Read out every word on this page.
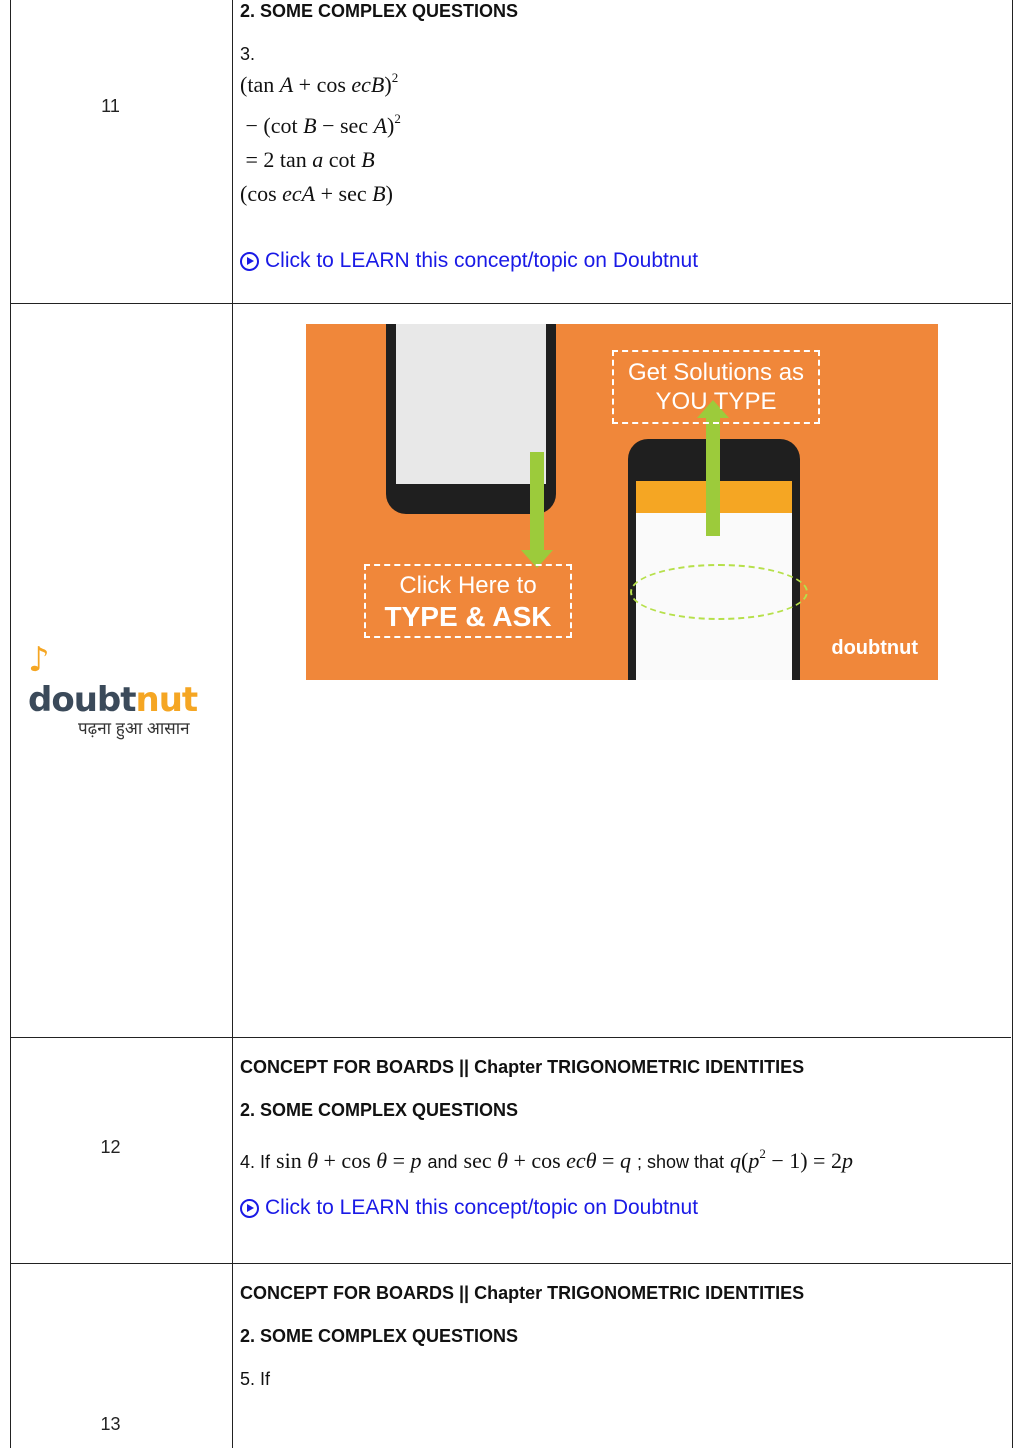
11
2. SOME COMPLEX QUESTIONS
3.
(tan A + cos ecB)$^2$
− (cot B − sec A)$^2$
= 2 tan a cot B
(cos ecA + sec B)
Click to LEARN this concept/topic on Doubtnut
♪ doubtnut
पढ़ना हुआ आसान
Get Solutions as YOU TYPE
Click Here to
TYPE & ASK
doubtnut
12
CONCEPT FOR BOARDS || Chapter TRIGONOMETRIC IDENTITIES
2. SOME COMPLEX QUESTIONS
4. If sin θ + cos θ = p and sec θ + cos ecθ = q ; show that $q(p^2 - 1) = 2p$
Click to LEARN this concept/topic on Doubtnut
13
CONCEPT FOR BOARDS || Chapter TRIGONOMETRIC IDENTITIES
2. SOME COMPLEX QUESTIONS
5. If
